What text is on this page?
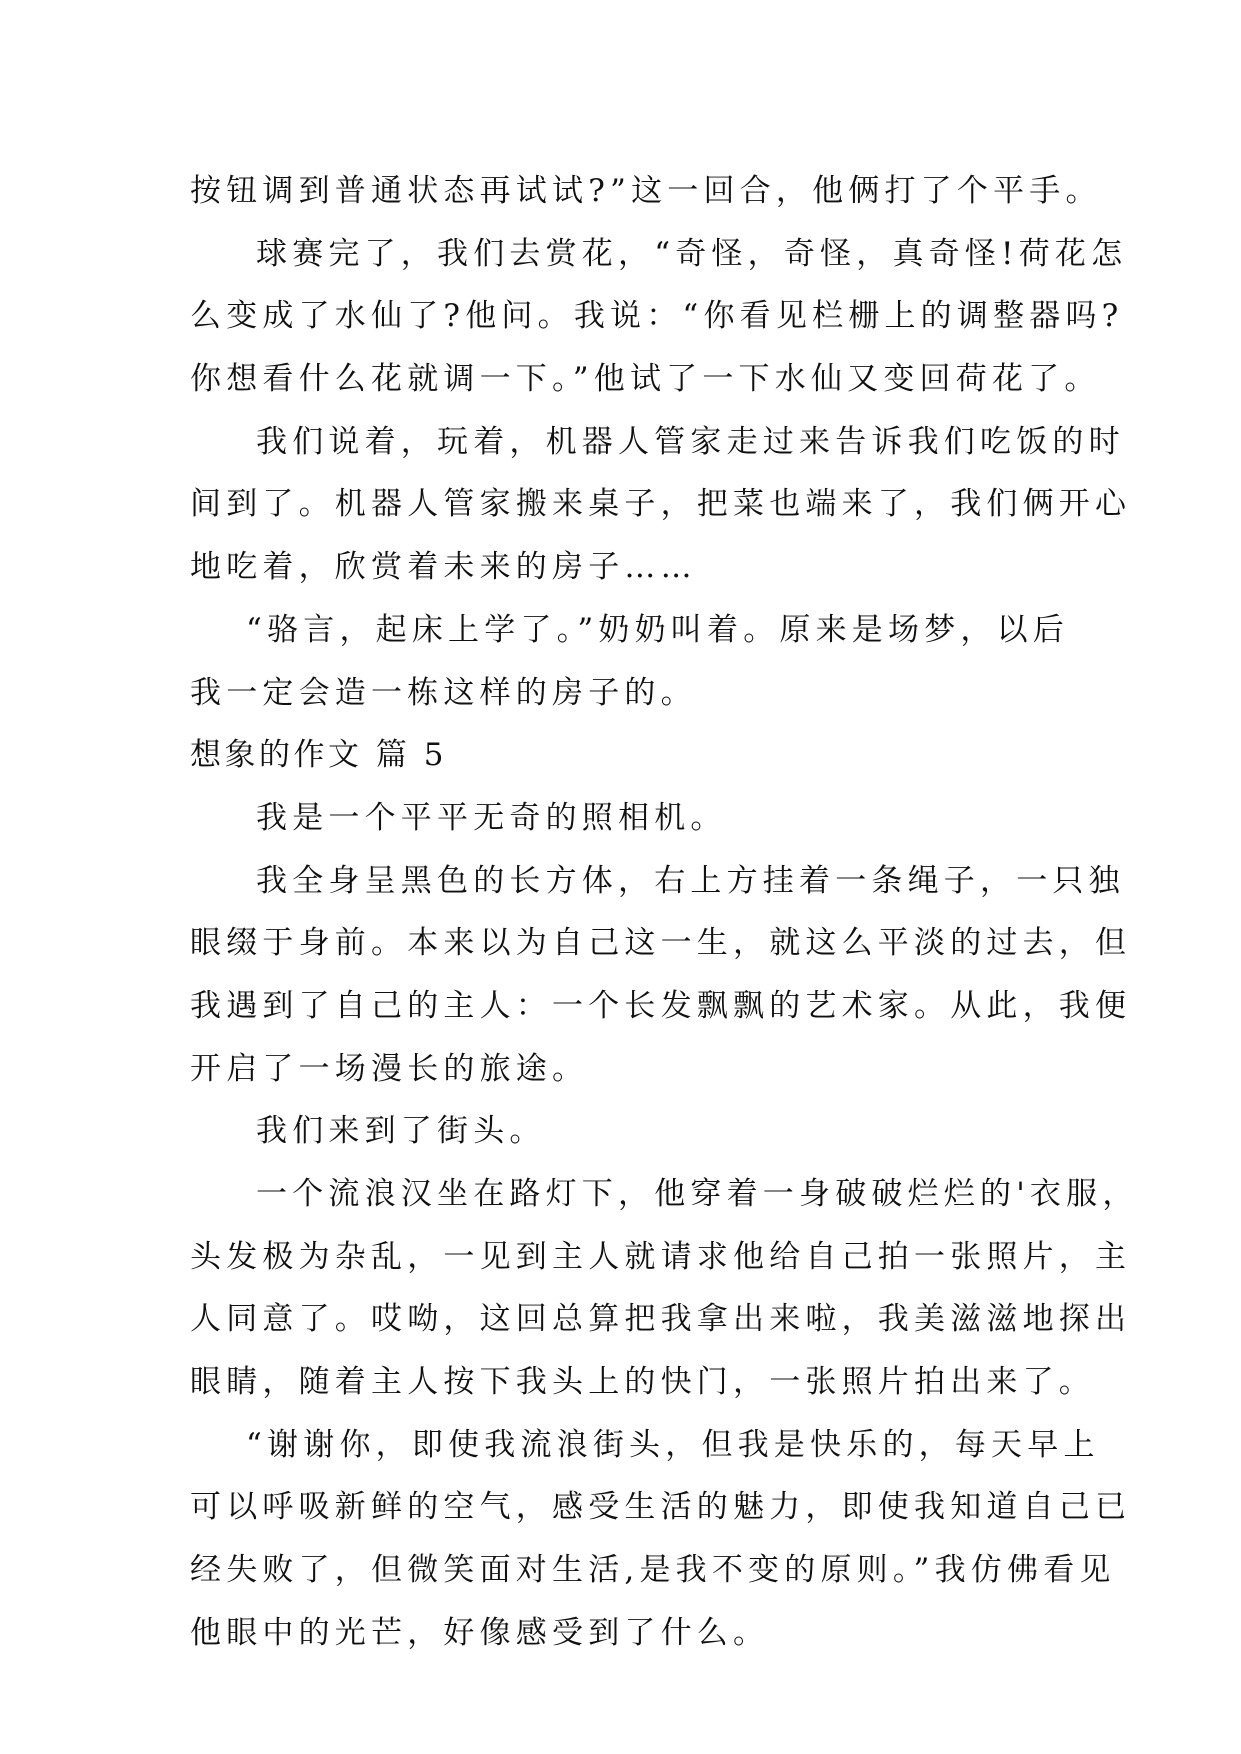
按钮调到普通状态再试试?”这一回合，他俩打了个平手。
球赛完了，我们去赏花，“奇怪，奇怪，真奇怪!荷花怎
么变成了水仙了?他问。我说：“你看见栏栅上的调整器吗?
你想看什么花就调一下。”他试了一下水仙又变回荷花了。
我们说着，玩着，机器人管家走过来告诉我们吃饭的时
间到了。机器人管家搬来桌子，把菜也端来了，我们俩开心
地吃着，欣赏着未来的房子……
“骆言，起床上学了。”奶奶叫着。原来是场梦，以后
我一定会造一栋这样的房子的。
想象的作文 篇 5
我是一个平平无奇的照相机。
我全身呈黑色的长方体，右上方挂着一条绳子，一只独
眼缀于身前。本来以为自己这一生，就这么平淡的过去，但
我遇到了自己的主人：一个长发飘飘的艺术家。从此，我便
开启了一场漫长的旅途。
我们来到了街头。
一个流浪汉坐在路灯下，他穿着一身破破烂烂的'衣服，
头发极为杂乱，一见到主人就请求他给自己拍一张照片，主
人同意了。哎呦，这回总算把我拿出来啦，我美滋滋地探出
眼睛，随着主人按下我头上的快门，一张照片拍出来了。
“谢谢你，即使我流浪街头，但我是快乐的，每天早上
可以呼吸新鲜的空气，感受生活的魅力，即使我知道自己已
经失败了，但微笑面对生活,是我不变的原则。”我仿佛看见
他眼中的光芒，好像感受到了什么。
